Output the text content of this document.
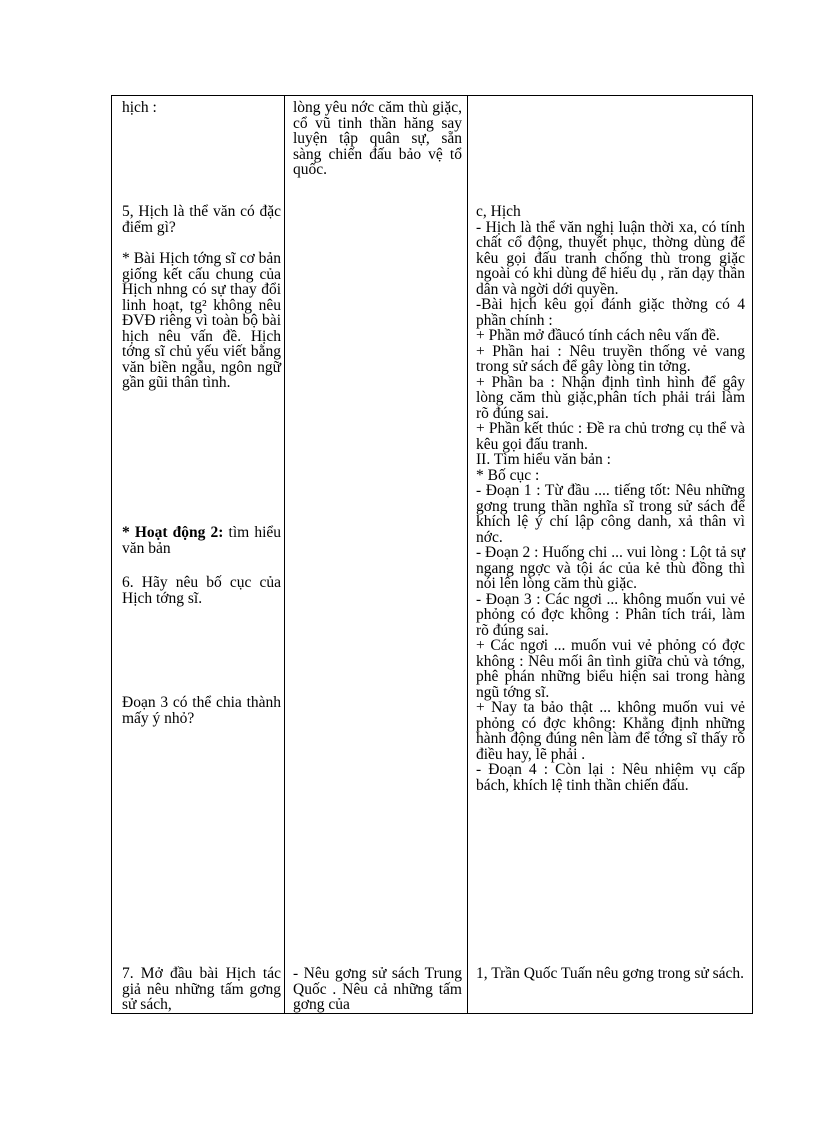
hịch :

5, Hịch là thể văn có đặc điểm gì?

* Bài Hịch tớng sĩ cơ bản giống kết cấu chung của Hịch nhng có sự thay đổi linh hoạt, tg² không nêu ĐVĐ riêng vì toàn bộ bài hịch nêu vấn đề. Hịch tớng sĩ chủ yếu viết bằng văn biền ngẫu, ngôn ngữ gần gũi thân tình.

* Hoạt động 2: tìm hiểu văn bản

6. Hãy nêu bố cục của Hịch tớng sĩ.

Đoạn 3 có thể chia thành mấy ý nhỏ?

7. Mở đầu bài Hịch tác giả nêu những tấm gơng sử sách,

lòng yêu nớc căm thù giặc, cổ vũ tinh thần hăng say luyện tập quân sự, sẵn sàng chiến đấu bảo vệ tổ quốc.

- Nêu gơng sử sách Trung Quốc . Nêu cả những tấm gơng của

c, Hịch

- Hịch là thể văn nghị luận thời xa, có tính chất cổ động, thuyết phục, thờng dùng để kêu gọi đấu tranh chống thù trong giặc ngoài có khi dùng để hiểu dụ , răn dạy thần dân và ngời dới quyền.

-Bài hịch kêu gọi đánh giặc thờng có 4 phần chính :

+ Phần mở đầucó tính cách nêu vấn đề.

+ Phần hai : Nêu truyền thống vẻ vang trong sử sách để gây lòng tin tởng.

+ Phần ba : Nhận định tình hình để gây lòng căm thù giặc,phân tích phải trái làm rõ đúng sai.

+ Phần kết thúc : Đề ra chủ trơng cụ thể và kêu gọi đấu tranh.

II. Tìm hiểu văn bản :

* Bố cục :

- Đoạn 1 : Từ đầu .... tiếng tốt: Nêu những gơng trung thần nghĩa sĩ trong sử sách để khích lệ ý chí lập công danh, xả thân vì nớc.

- Đoạn 2 : Huống chi ... vui lòng : Lột tả sự ngang ngợc và tội ác của kẻ thù đồng thì nói lên lòng căm thù giặc.

- Đoạn 3 : Các ngơi ... không muốn vui vẻ phỏng có đợc không : Phân tích trái, làm rõ đúng sai.

+ Các ngơi ... muốn vui vẻ phỏng có đợc không : Nêu mối ân tình giữa chủ và tớng, phê phán những biểu hiện sai trong hàng ngũ tớng sĩ.

+ Nay ta bảo thật ... không muốn vui vẻ phỏng có đợc không: Khẳng định những hành động đúng nên làm để tớng sĩ thấy rõ điều hay, lẽ phải .

- Đoạn 4 : Còn lại : Nêu nhiệm vụ cấp bách, khích lệ tinh thần chiến đấu.

1, Trần Quốc Tuấn nêu gơng trong sử sách.
